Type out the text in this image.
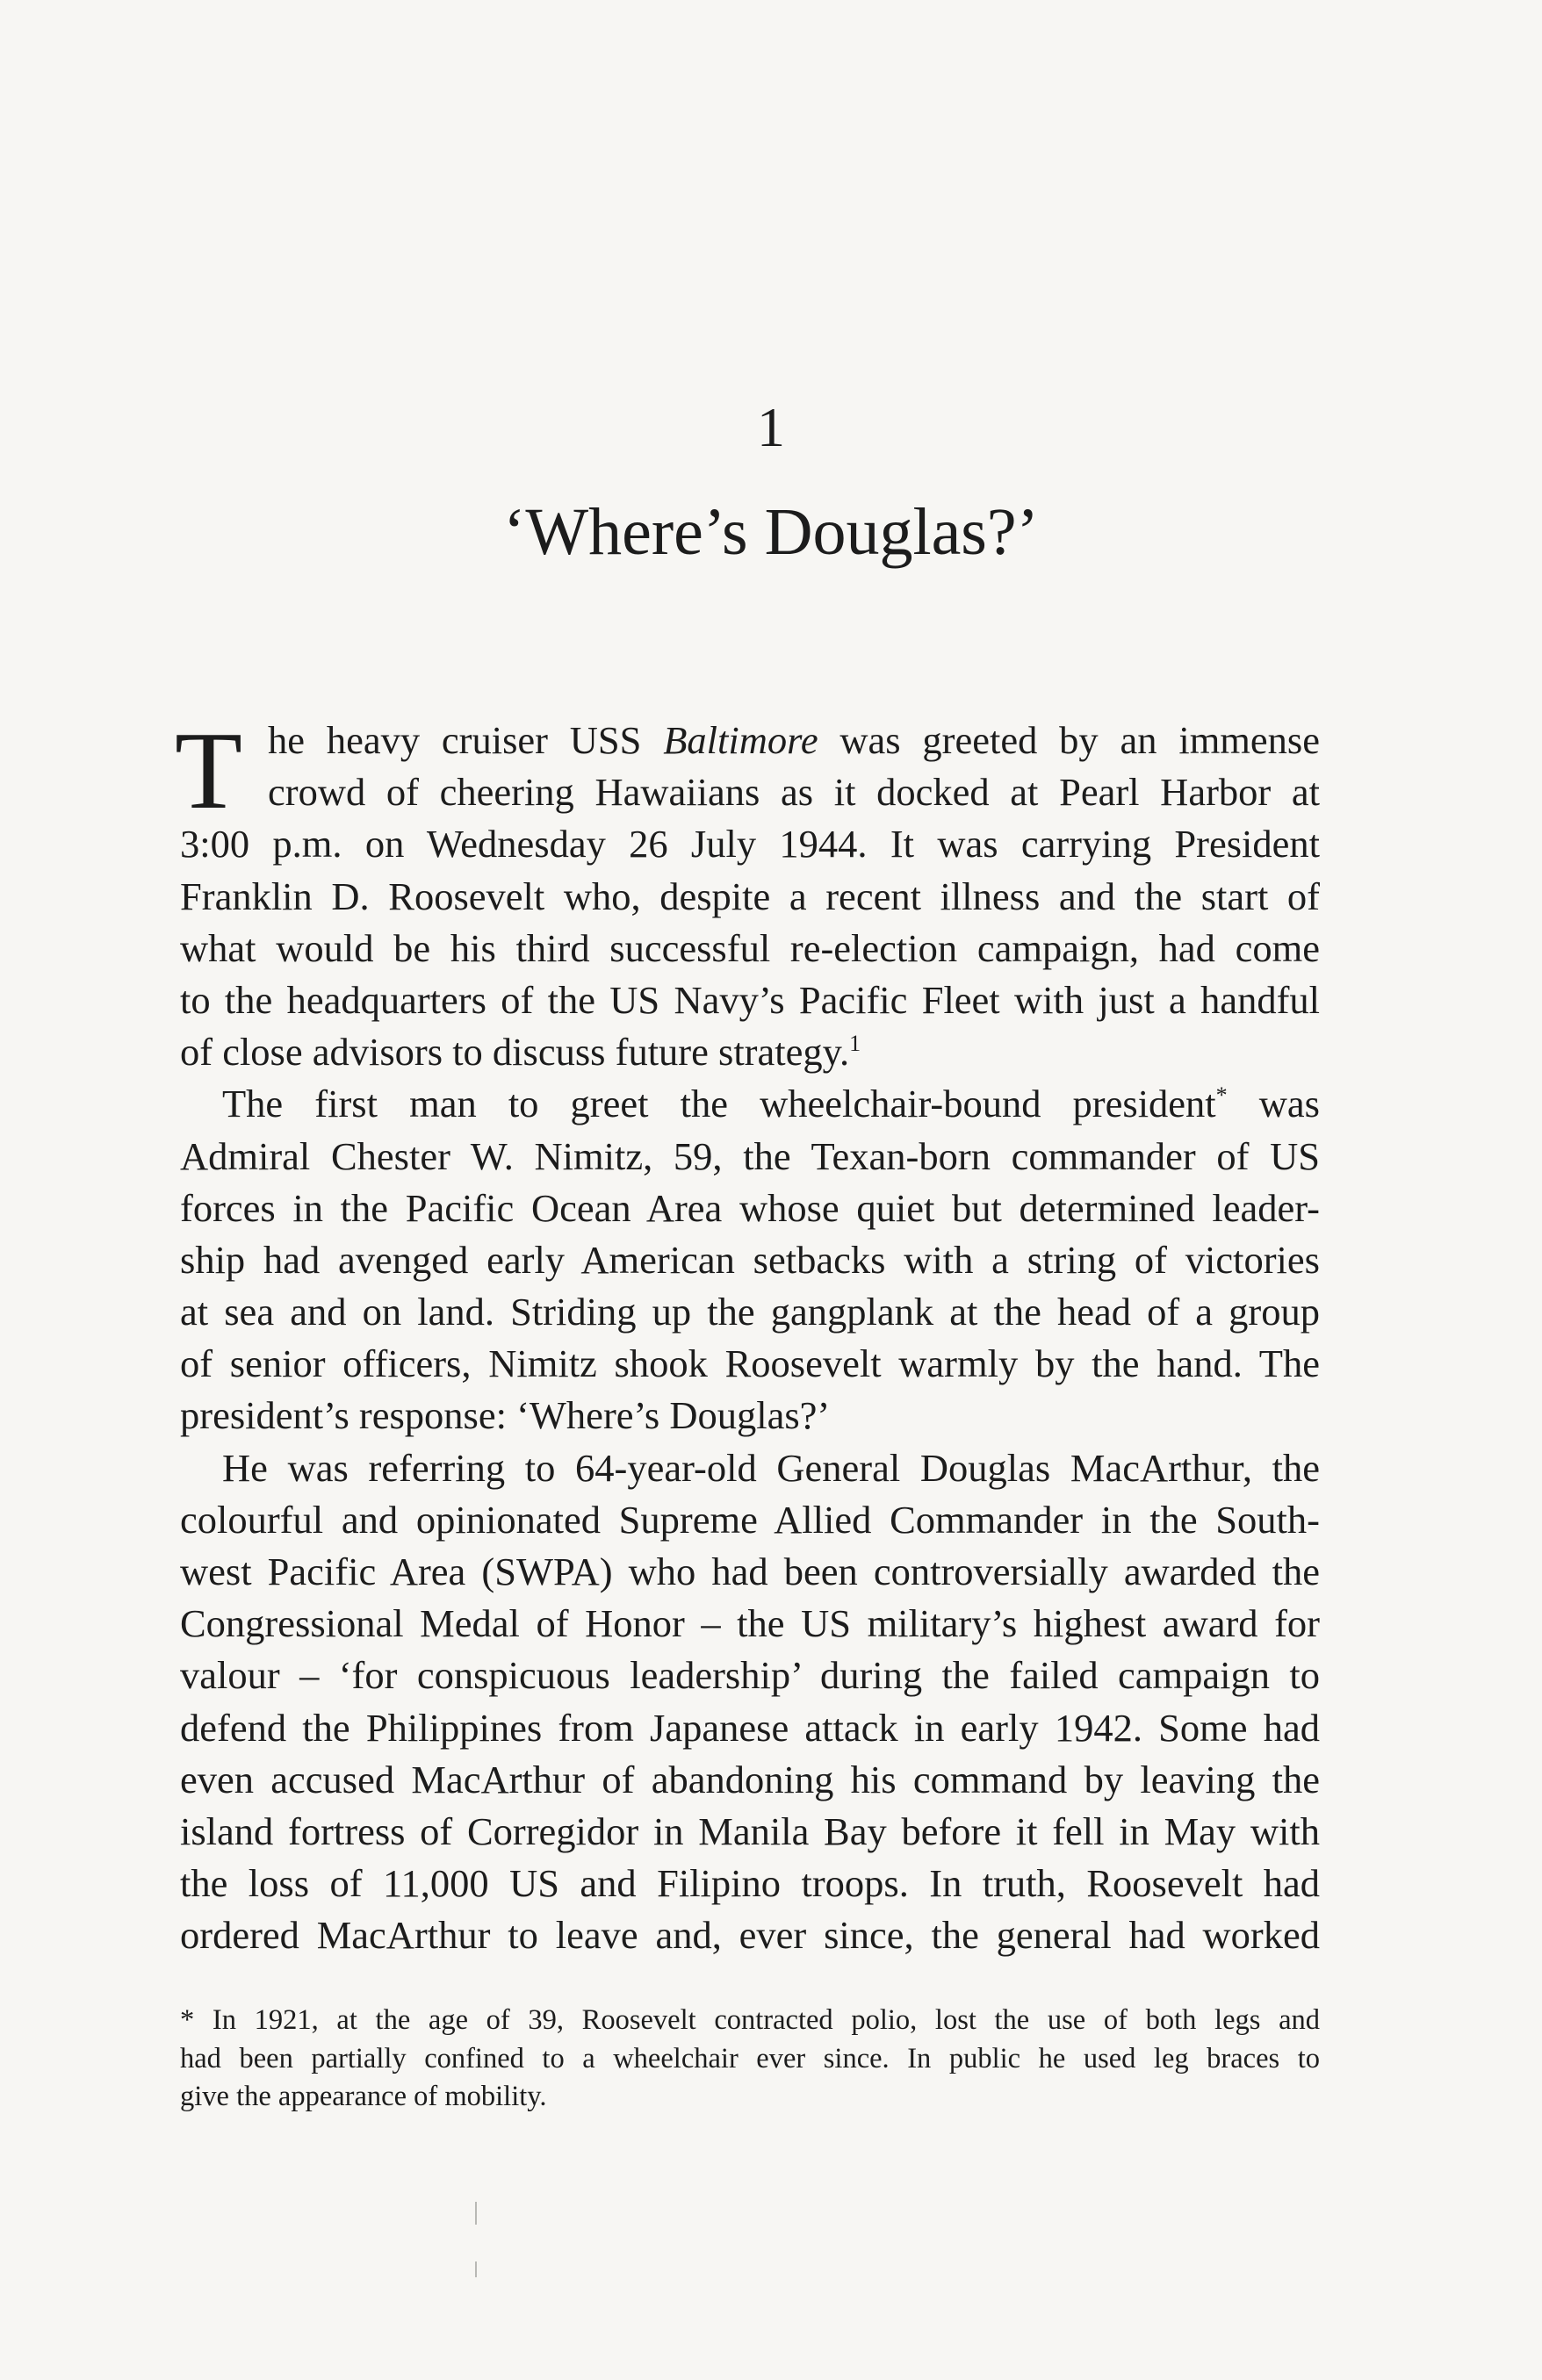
1
‘Where’s Douglas?’
T he heavy cruiser USS Baltimore was greeted by an immense
crowd of cheering Hawaiians as it docked at Pearl Harbor at
3:00 p.m. on Wednesday 26 July 1944. It was carrying President
Franklin D. Roosevelt who, despite a recent illness and the start of
what would be his third successful re-election campaign, had come
to the headquarters of the US Navy’s Pacific Fleet with just a handful
of close advisors to discuss future strategy.$^1$
The first man to greet the wheelchair-bound president* was
Admiral Chester W. Nimitz, 59, the Texan-born commander of US
forces in the Pacific Ocean Area whose quiet but determined leader-
ship had avenged early American setbacks with a string of victories
at sea and on land. Striding up the gangplank at the head of a group
of senior officers, Nimitz shook Roosevelt warmly by the hand. The
president’s response: ‘Where’s Douglas?’
He was referring to 64-year-old General Douglas MacArthur, the
colourful and opinionated Supreme Allied Commander in the South-
west Pacific Area (SWPA) who had been controversially awarded the
Congressional Medal of Honor – the US military’s highest award for
valour – ‘for conspicuous leadership’ during the failed campaign to
defend the Philippines from Japanese attack in early 1942. Some had
even accused MacArthur of abandoning his command by leaving the
island fortress of Corregidor in Manila Bay before it fell in May with
the loss of 11,000 US and Filipino troops. In truth, Roosevelt had
ordered MacArthur to leave and, ever since, the general had worked
* In 1921, at the age of 39, Roosevelt contracted polio, lost the use of both legs and
had been partially confined to a wheelchair ever since. In public he used leg braces to
give the appearance of mobility.
